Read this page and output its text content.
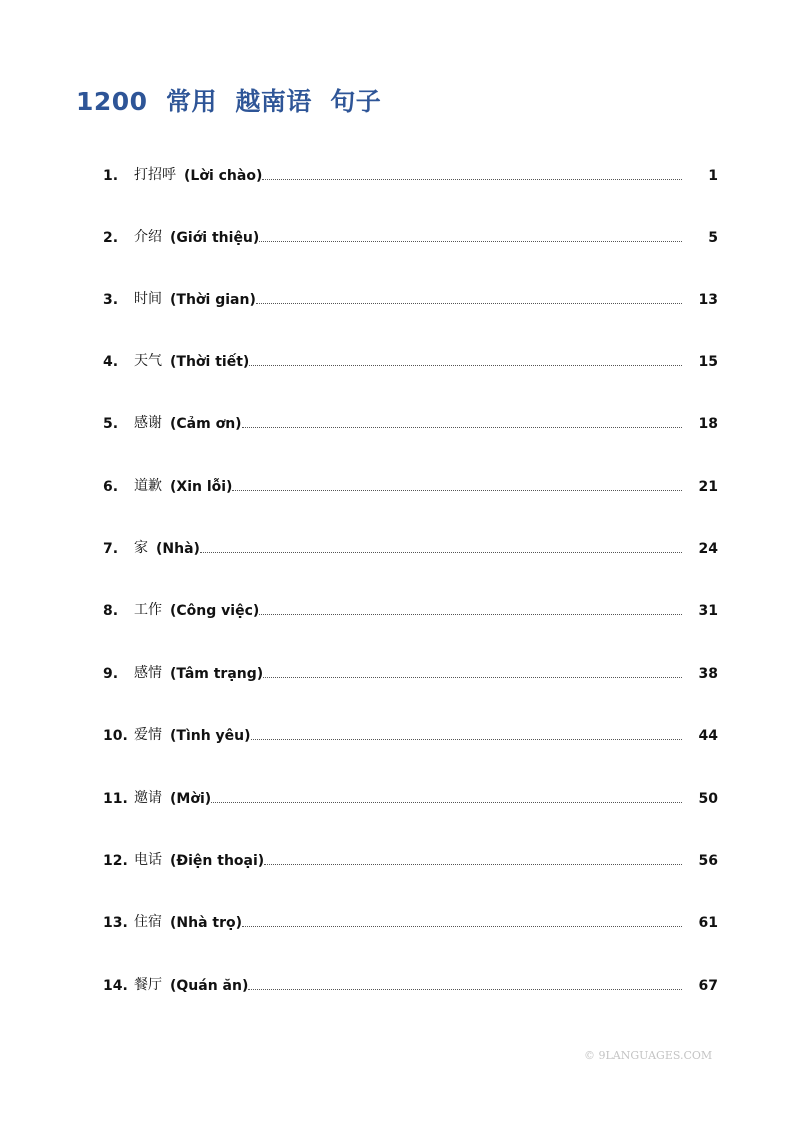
1200  常用  越南语  句子
1.	打招呼 (Lời chào)	1
2.	介绍 (Giới thiệu)	5
3.	时间 (Thời gian)	13
4.	天气 (Thời tiết)	15
5.	感谢 (Cảm ơn)	18
6.	道歉 (Xin lỗi)	21
7.	家 (Nhà)	24
8.	工作 (Công việc)	31
9.	感情 (Tâm trạng)	38
10. 爱情 (Tình yêu)	44
11. 邀请 (Mời)	50
12. 电话 (Điện thoại)	56
13. 住宿 (Nhà trọ)	61
14. 餐厅 (Quán ăn)	67
© 9LANGUAGES.COM
